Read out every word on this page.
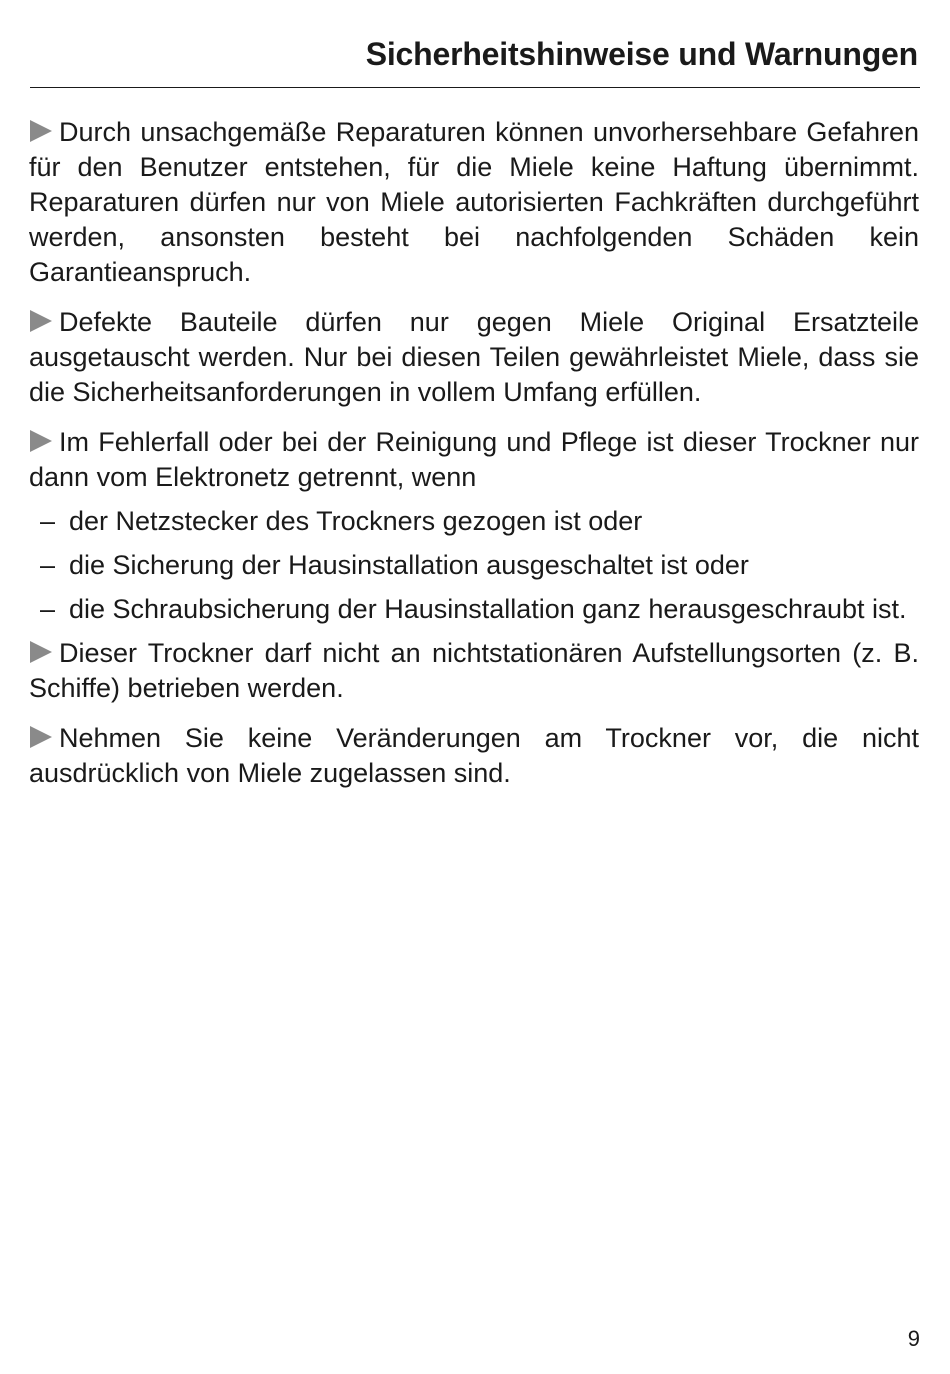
Sicherheitshinweise und Warnungen

Durch unsachgemäße Reparaturen können unvorhersehbare Gefahren für den Benutzer entstehen, für die Miele keine Haftung übernimmt. Reparaturen dürfen nur von Miele autorisierten Fachkräften durchgeführt werden, ansonsten besteht bei nachfolgenden Schäden kein Garantieanspruch.

Defekte Bauteile dürfen nur gegen Miele Original Ersatzteile ausgetauscht werden. Nur bei diesen Teilen gewährleistet Miele, dass sie die Sicherheitsanforderungen in vollem Umfang erfüllen.

Im Fehlerfall oder bei der Reinigung und Pflege ist dieser Trockner nur dann vom Elektronetz getrennt, wenn

– der Netzstecker des Trockners gezogen ist oder
– die Sicherung der Hausinstallation ausgeschaltet ist oder
– die Schraubsicherung der Hausinstallation ganz herausgeschraubt ist.

Dieser Trockner darf nicht an nichtstationären Aufstellungsorten (z. B. Schiffe) betrieben werden.

Nehmen Sie keine Veränderungen am Trockner vor, die nicht ausdrücklich von Miele zugelassen sind.

9
